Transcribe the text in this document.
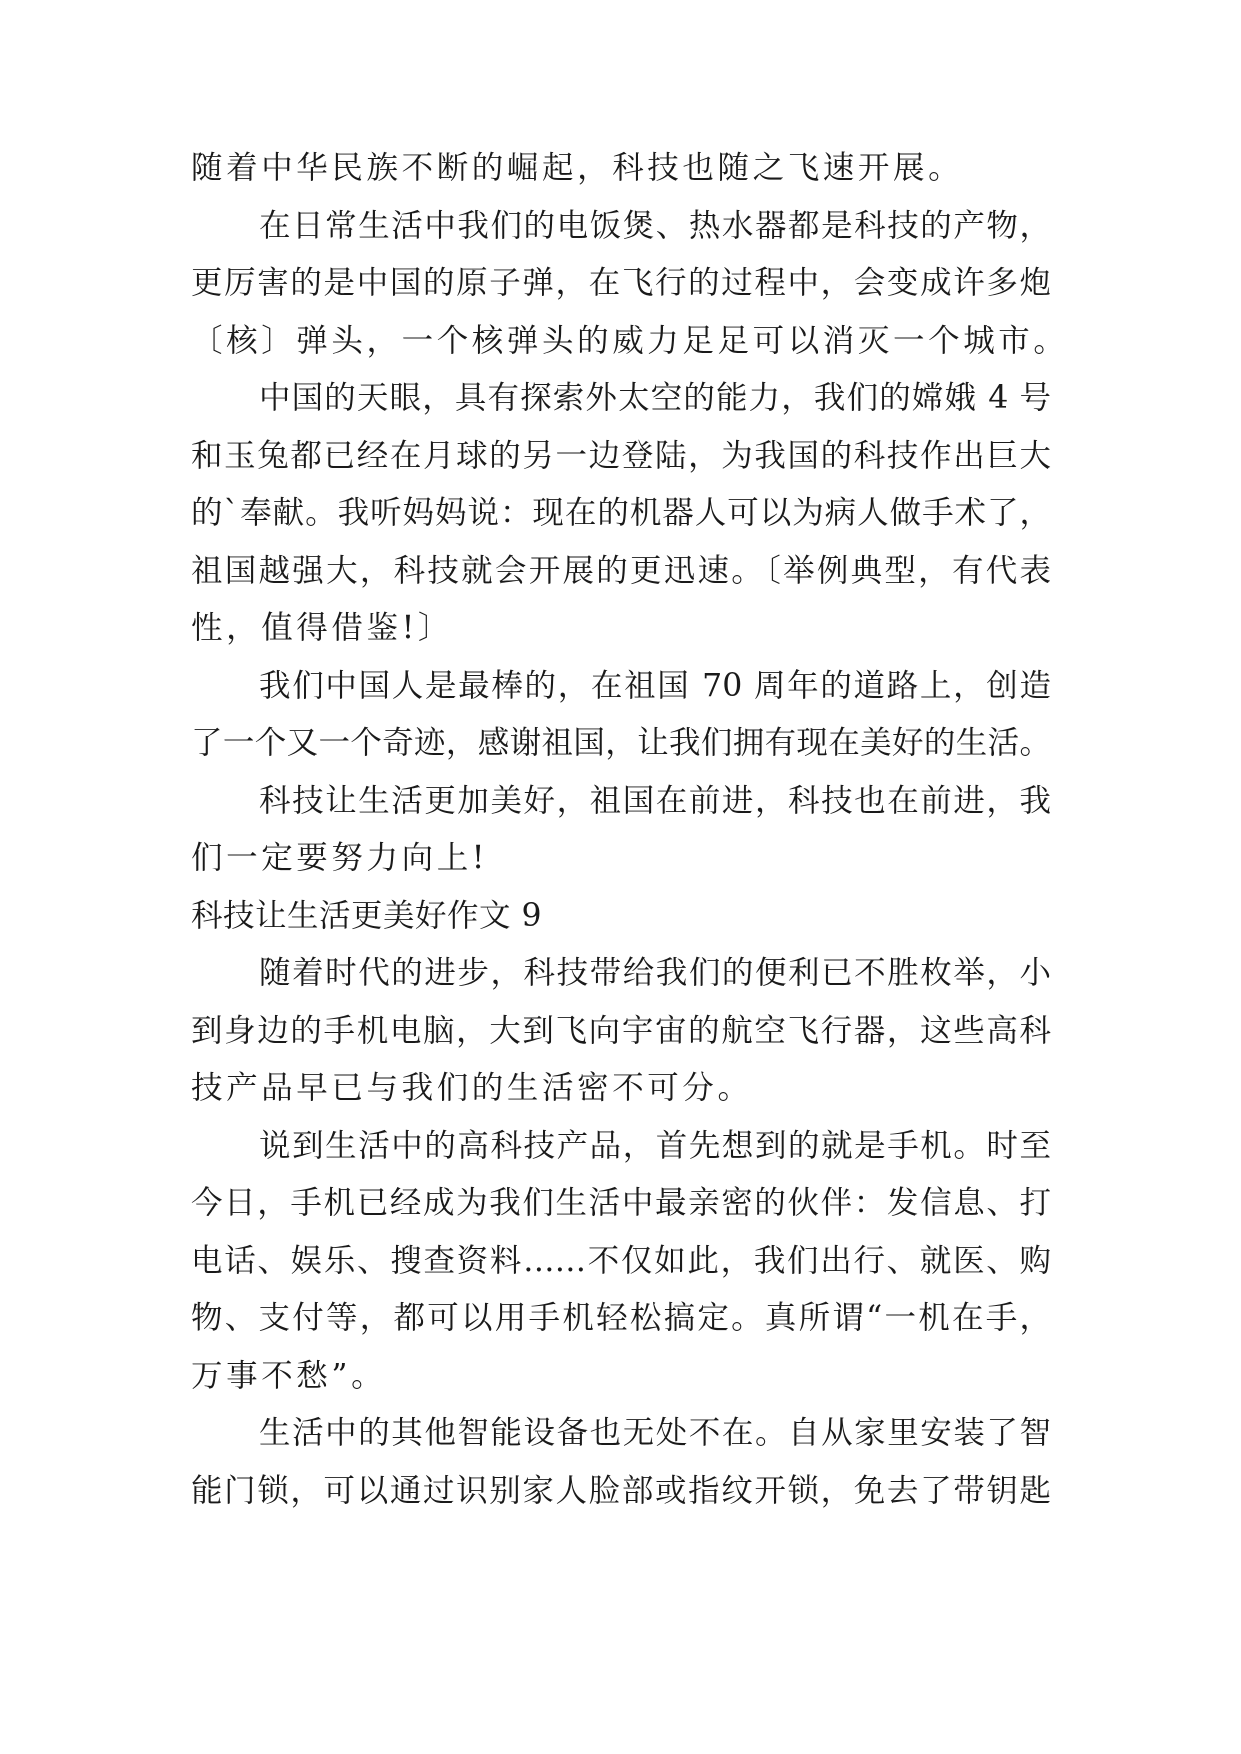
随着中华民族不断的崛起，科技也随之飞速开展。
在日常生活中我们的电饭煲、热水器都是科技的产物，
更厉害的是中国的原子弹，在飞行的过程中，会变成许多炮
〔核〕弹头，一个核弹头的威力足足可以消灭一个城市。
中国的天眼，具有探索外太空的能力，我们的嫦娥 4 号
和玉兔都已经在月球的另一边登陆，为我国的科技作出巨大
的`奉献。我听妈妈说：现在的机器人可以为病人做手术了，
祖国越强大，科技就会开展的更迅速。〔举例典型，有代表
性，值得借鉴!〕
我们中国人是最棒的，在祖国 70 周年的道路上，创造
了一个又一个奇迹，感谢祖国，让我们拥有现在美好的生活。
科技让生活更加美好，祖国在前进，科技也在前进，我
们一定要努力向上!
科技让生活更美好作文 9
随着时代的进步，科技带给我们的便利已不胜枚举，小
到身边的手机电脑，大到飞向宇宙的航空飞行器，这些高科
技产品早已与我们的生活密不可分。
说到生活中的高科技产品，首先想到的就是手机。时至
今日，手机已经成为我们生活中最亲密的伙伴：发信息、打
电话、娱乐、搜查资料……不仅如此，我们出行、就医、购
物、支付等，都可以用手机轻松搞定。真所谓“一机在手，
万事不愁”。
生活中的其他智能设备也无处不在。自从家里安装了智
能门锁，可以通过识别家人脸部或指纹开锁，免去了带钥匙
